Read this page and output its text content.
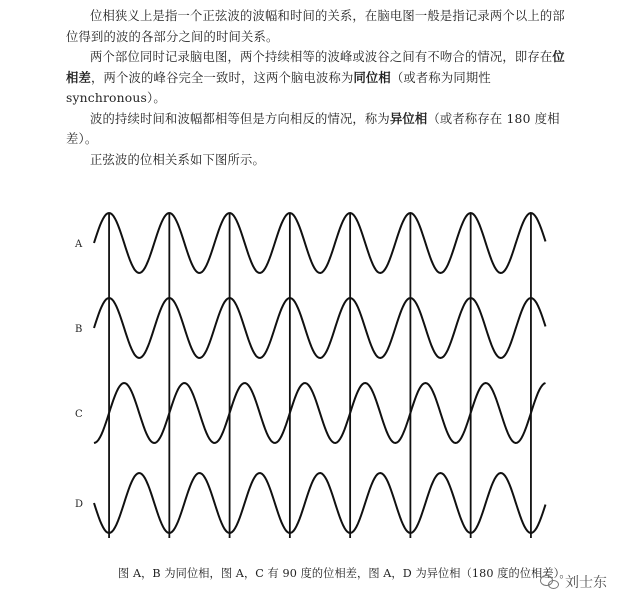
位相狭义上是指一个正弦波的波幅和时间的关系，在脑电图一般是指记录两个以上的部位得到的波的各部分之间的时间关系。

两个部位同时记录脑电图，两个持续相等的波峰或波谷之间有不吻合的情况，即存在位相差，两个波的峰谷完全一致时，这两个脑电波称为同位相（或者称为同期性 synchronous）。

波的持续时间和波幅都相等但是方向相反的情况，称为异位相（或者称存在 180 度相差）。

正弦波的位相关系如下图所示。

A
B
C
D
图 A，B 为同位相，图 A，C 有 90 度的位相差，图 A，D 为异位相（180 度的位相差）。
刘士东
